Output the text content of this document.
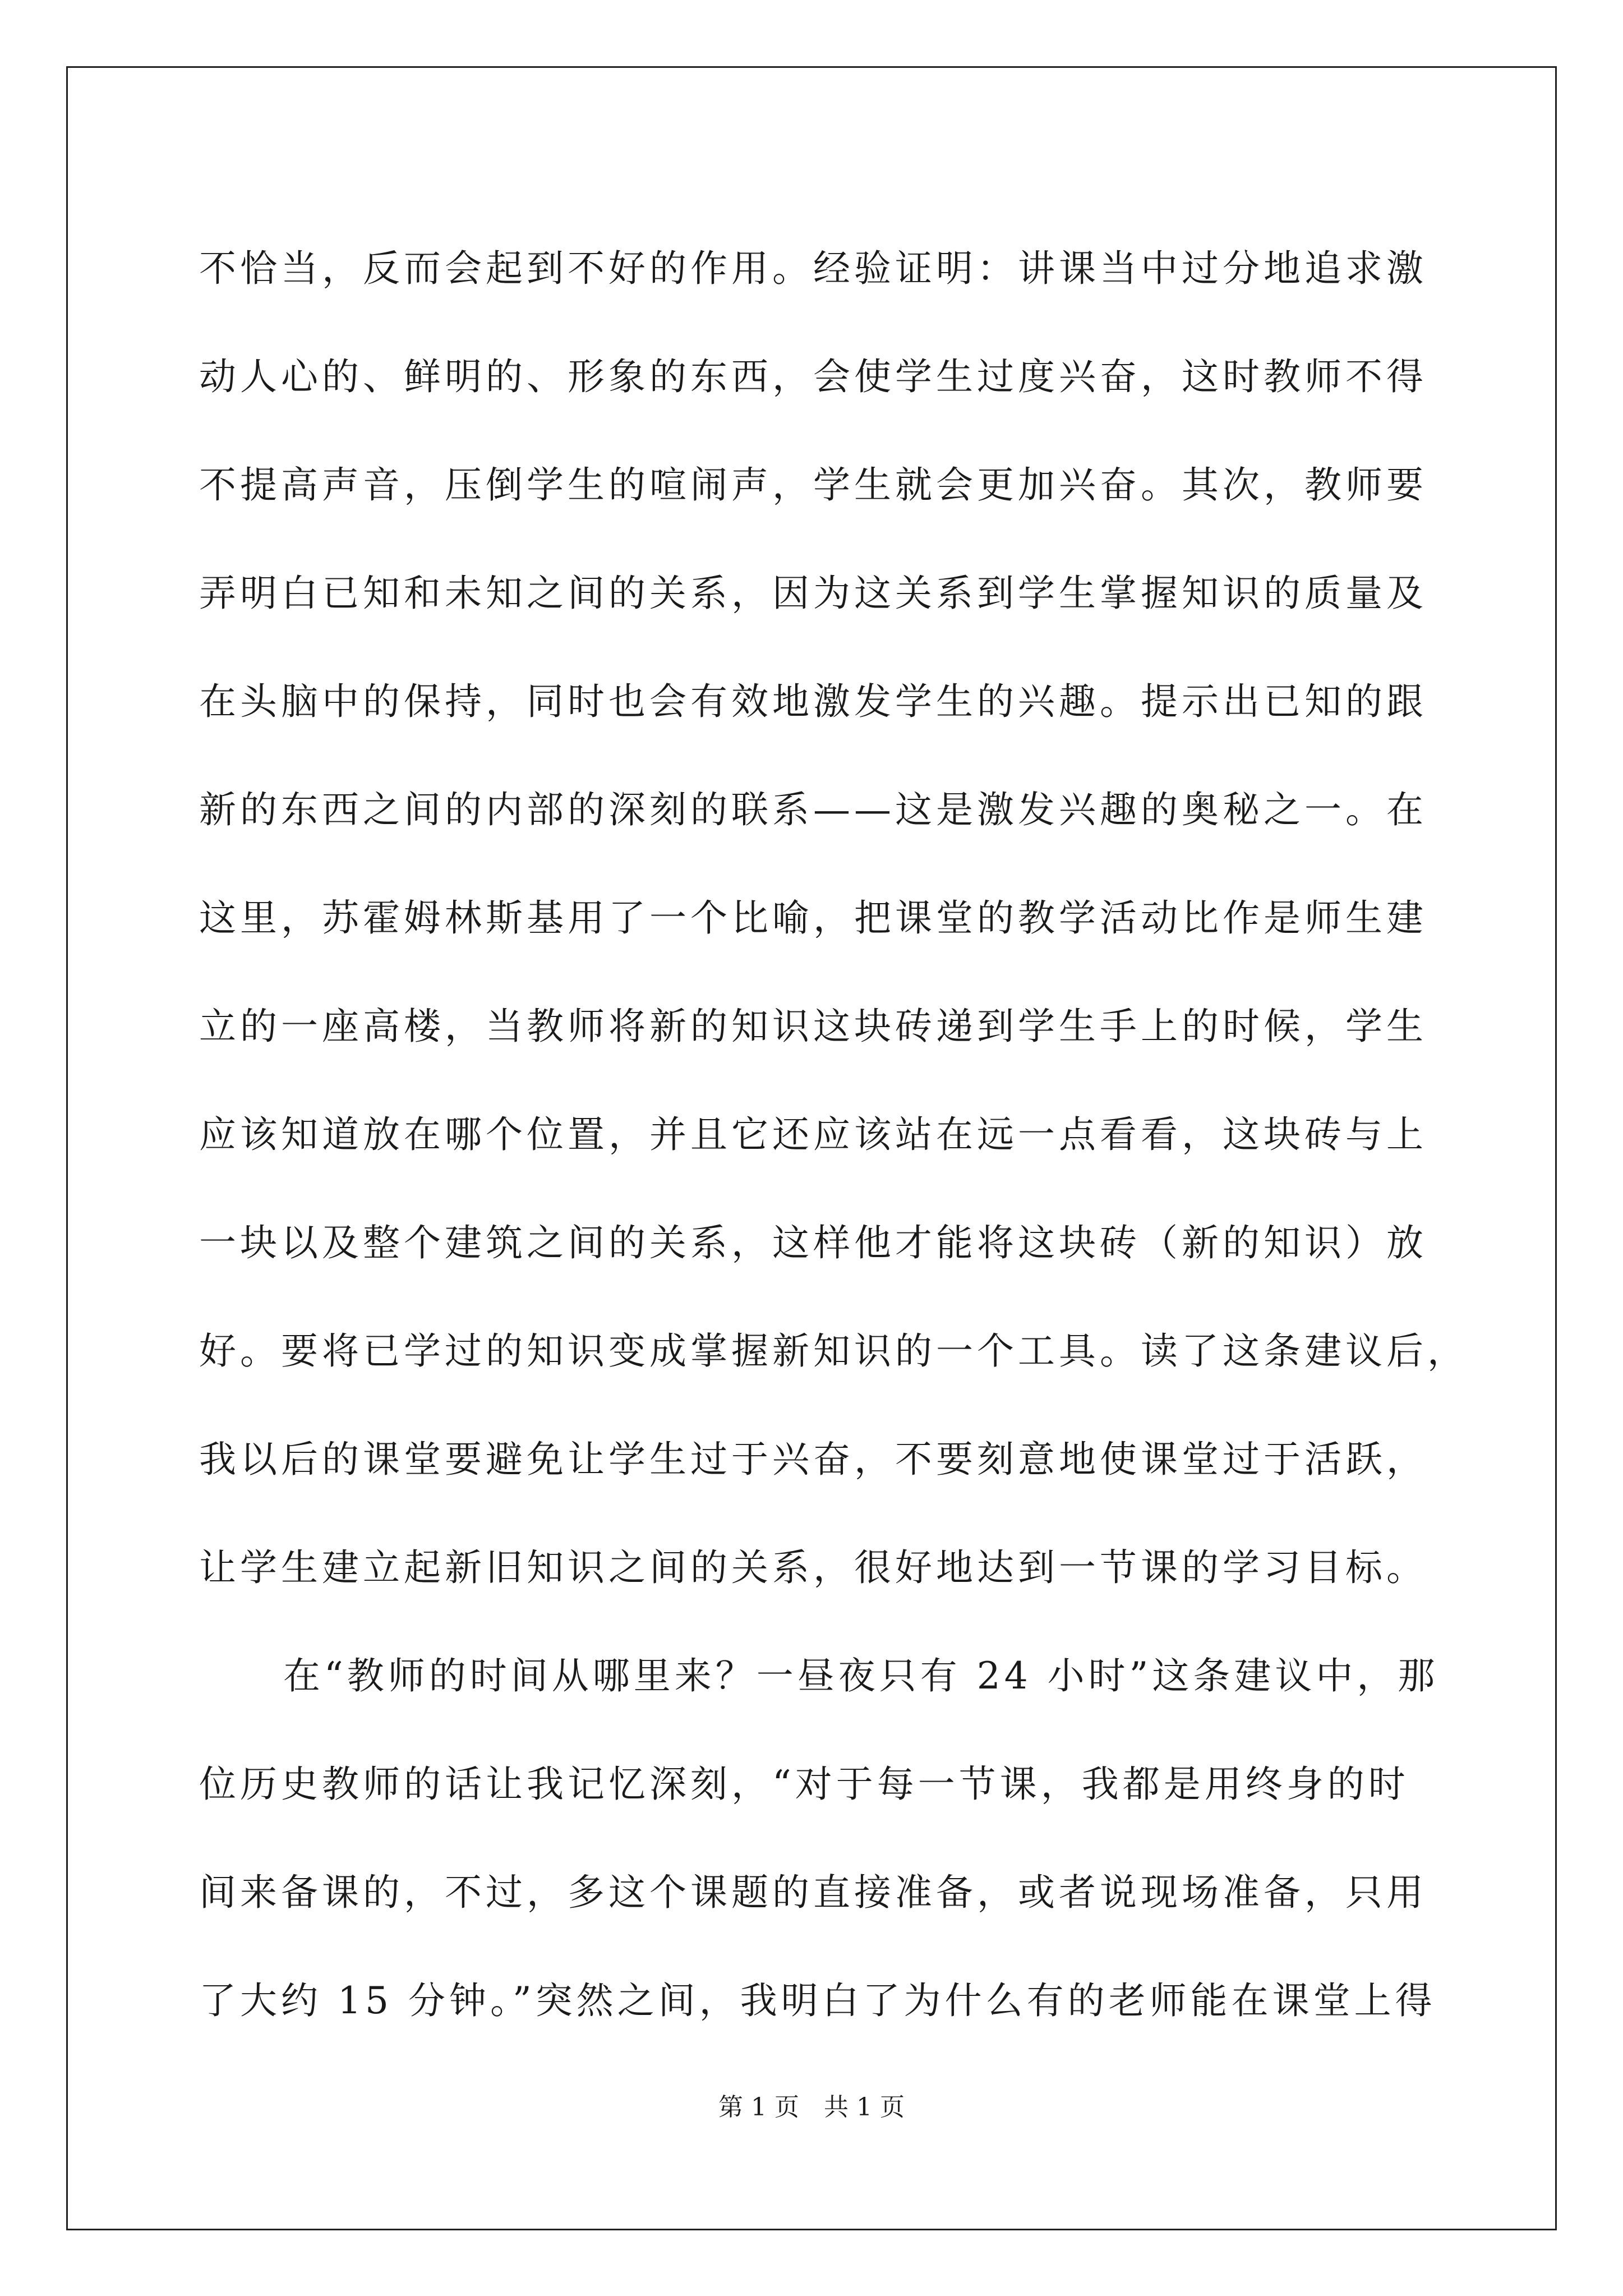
不恰当，反而会起到不好的作用。经验证明：讲课当中过分地追求激
动人心的、鲜明的、形象的东西，会使学生过度兴奋，这时教师不得
不提高声音，压倒学生的喧闹声，学生就会更加兴奋。其次，教师要
弄明白已知和未知之间的关系，因为这关系到学生掌握知识的质量及
在头脑中的保持，同时也会有效地激发学生的兴趣。提示出已知的跟
新的东西之间的内部的深刻的联系——这是激发兴趣的奥秘之一。在
这里，苏霍姆林斯基用了一个比喻，把课堂的教学活动比作是师生建
立的一座高楼，当教师将新的知识这块砖递到学生手上的时候，学生
应该知道放在哪个位置，并且它还应该站在远一点看看，这块砖与上
一块以及整个建筑之间的关系，这样他才能将这块砖（新的知识）放
好。要将已学过的知识变成掌握新知识的一个工具。读了这条建议后，
我以后的课堂要避免让学生过于兴奋，不要刻意地使课堂过于活跃，
让学生建立起新旧知识之间的关系，很好地达到一节课的学习目标。
在“教师的时间从哪里来？一昼夜只有 24 小时”这条建议中，那
位历史教师的话让我记忆深刻，“对于每一节课，我都是用终身的时
间来备课的，不过，多这个课题的直接准备，或者说现场准备，只用
了大约 15 分钟。”突然之间，我明白了为什么有的老师能在课堂上得
第 1 页　共 1 页
